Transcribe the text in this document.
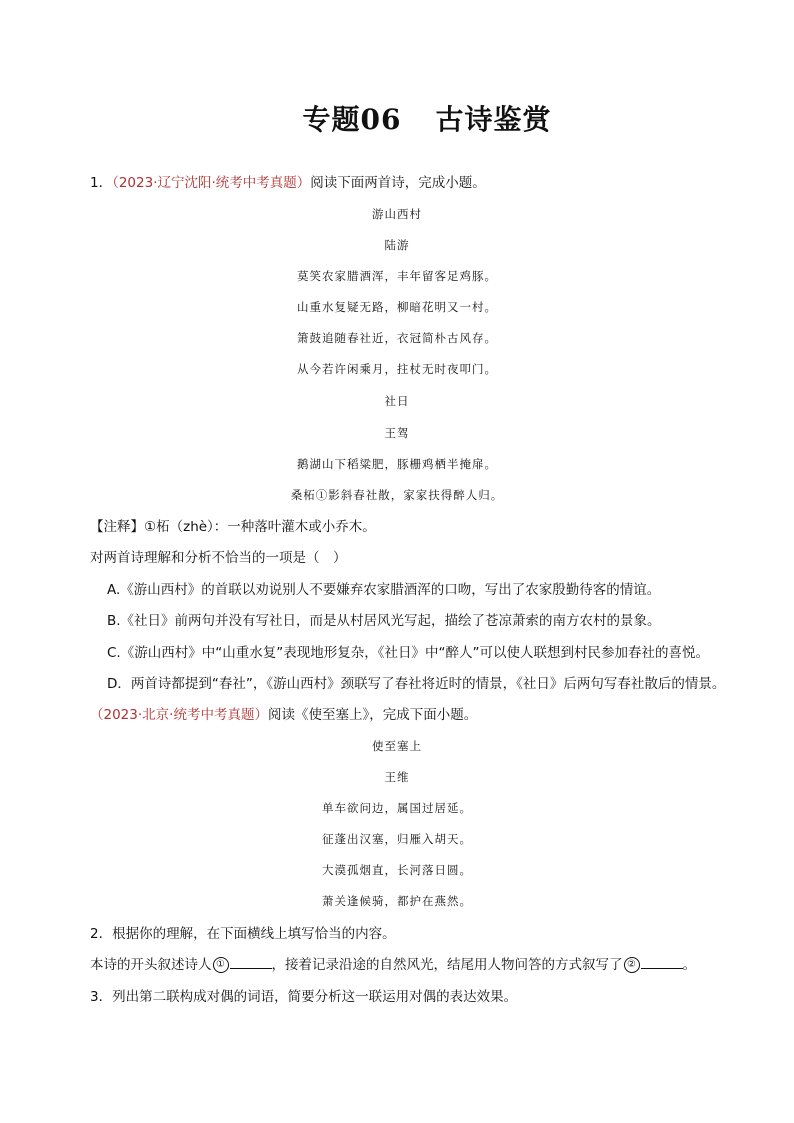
专题06 古诗鉴赏
1．（2023·辽宁沈阳·统考中考真题）阅读下面两首诗，完成小题。
游山西村
陆游
莫笑农家腊酒浑，丰年留客足鸡豚。
山重水复疑无路，柳暗花明又一村。
箫鼓追随春社近，衣冠简朴古风存。
从今若许闲乘月，拄杖无时夜叩门。
社日
王驾
鹅湖山下稻粱肥，豚栅鸡栖半掩扉。
桑柘①影斜春社散，家家扶得醉人归。
【注释】①柘（zhè）：一种落叶灌木或小乔木。
对两首诗理解和分析不恰当的一项是（　）
A.《游山西村》的首联以劝说别人不要嫌弃农家腊酒浑的口吻，写出了农家殷勤待客的情谊。
B.《社日》前两句并没有写社日，而是从村居风光写起，描绘了苍凉萧索的南方农村的景象。
C.《游山西村》中“山重水复”表现地形复杂，《社日》中“醉人”可以使人联想到村民参加春社的喜悦。
D．两首诗都提到“春社”，《游山西村》颈联写了春社将近时的情景，《社日》后两句写春社散后的情景。
（2023·北京·统考中考真题）阅读《使至塞上》，完成下面小题。
使至塞上
王维
单车欲问边，属国过居延。
征蓬出汉塞，归雁入胡天。
大漠孤烟直，长河落日圆。
萧关逢候骑，都护在燕然。
2．根据你的理解，在下面横线上填写恰当的内容。
本诗的开头叙述诗人 ①	，接着记录沿途的自然风光，结尾用人物问答的方式叙写了 ②	。
3．列出第二联构成对偶的词语，简要分析这一联运用对偶的表达效果。
